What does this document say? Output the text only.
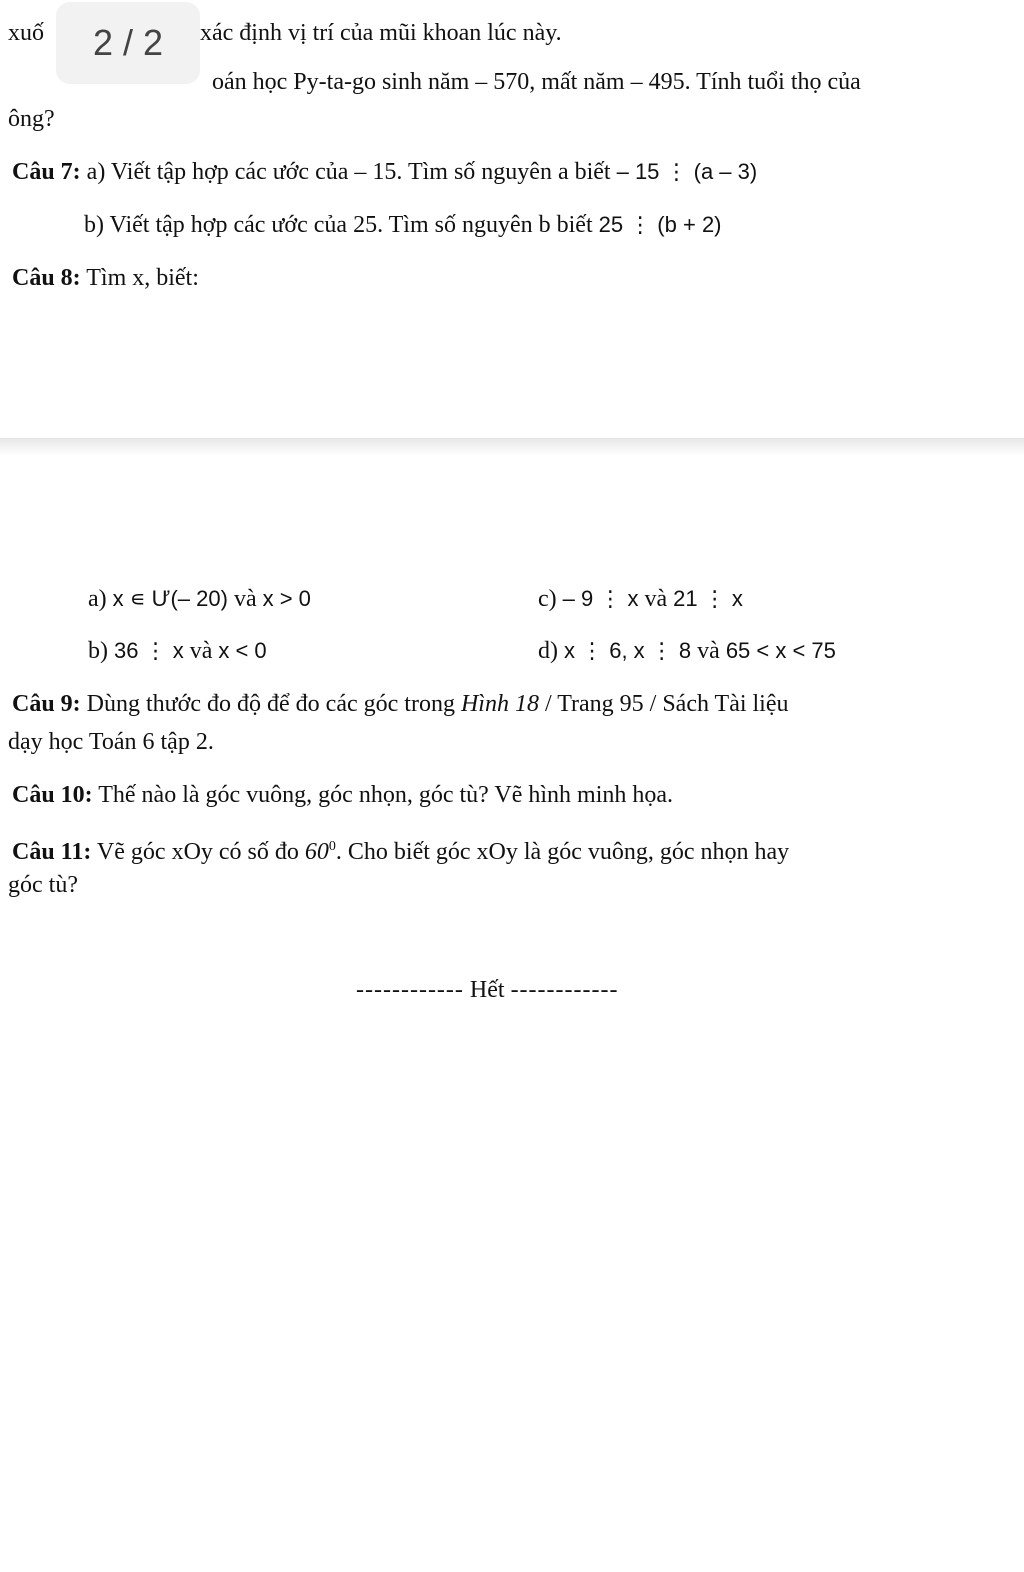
xuố 2 / 2 xác định vị trí của mũi khoan lúc này.
oán học Py-ta-go sinh năm – 570, mất năm – 495. Tính tuổi thọ của
ông?
Câu 7: a) Viết tập hợp các ước của – 15. Tìm số nguyên a biết – 15 ⋮ (a – 3)
b) Viết tập hợp các ước của 25. Tìm số nguyên b biết 25 ⋮ (b + 2)
Câu 8: Tìm x, biết:
a) x ∊ Ư(– 20) và x > 0	c) – 9 ⋮ x và 21 ⋮ x
b) 36 ⋮ x và x < 0	d) x ⋮ 6, x ⋮ 8 và 65 < x < 75
Câu 9: Dùng thước đo độ để đo các góc trong Hình 18 / Trang 95 / Sách Tài liệu
dạy học Toán 6 tập 2.
Câu 10: Thế nào là góc vuông, góc nhọn, góc tù? Vẽ hình minh họa.
Câu 11: Vẽ góc xOy có số đo $60^0$. Cho biết góc xOy là góc vuông, góc nhọn hay
góc tù?
------------ Hết ------------
